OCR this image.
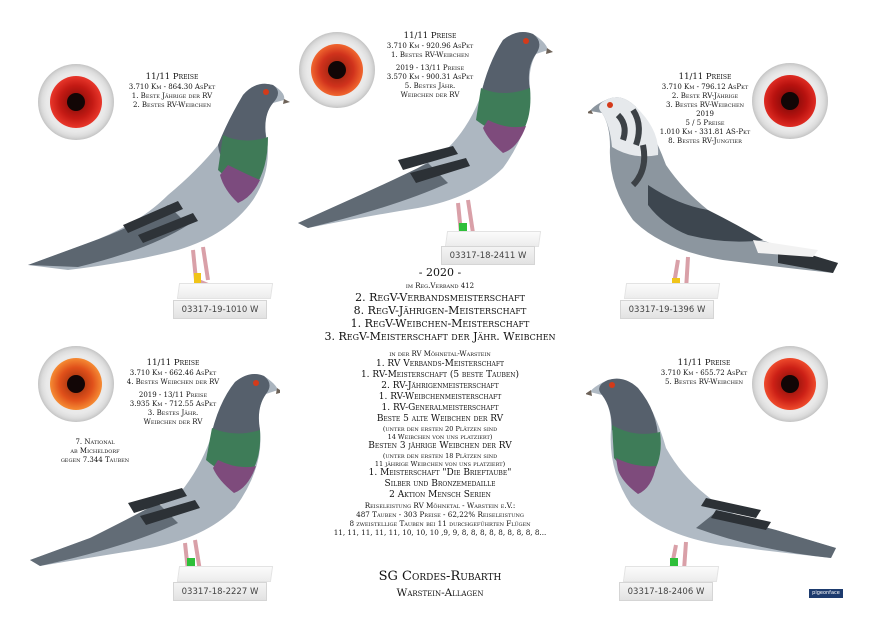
11/11 Preise
3.710 Km - 864.30 AsPkt
1. Beste Jährige der RV
2. Bestes RV-Weibchen
11/11 Preise
3.710 Km - 920.96 AsPkt
1. Bestes RV-Weibchen
2019 - 13/11 Preise
3.570 Km - 900.31 AsPkt
5. Bestes Jähr.
Weibchen der RV
11/11 Preise
3.710 Km - 796.12 AsPkt
2. Beste RV-Jährige
3. Bestes RV-Weibchen
2019
5 / 5 Preise
1.010 Km - 331.81 AS-Pkt
8. Bestes RV-Jungtier
11/11 Preise
3.710 Km - 662.46 AsPkt
4. Bestes Weibchen der RV
2019 - 13/11 Preise
3.935 Km - 712.55 AsPkt
3. Bestes Jähr.
Weibchen der RV
7. National
ab Micheldorf
gegen 7.344 Tauben
11/11 Preise
3.710 Km - 655.72 AsPkt
5. Bestes RV-Weibchen
03317-19-1010 W
03317-18-2411 W
03317-19-1396 W
03317-18-2227 W	03317-18-2406 W
- 2020 -
im Reg.Verband 412
2. RegV-Verbandsmeisterschaft
8. RegV-Jährigen-Meisterschaft
1. RegV-Weibchen-Meisterschaft
3. RegV-Meisterschaft der Jähr. Weibchen
in der RV Möhnetal-Warstein
1. RV Verbands-Meisterschaft
1. RV-Meisterschaft (5 beste Tauben)
2. RV-Jährigenmeisterschaft
1. RV-Weibchenmeisterschaft
1. RV-Generalmeisterschaft
Beste 5 alte Weibchen der RV
(unter den ersten 20 Plätzen sind
14 Weibchen von uns platziert)
Besten 3 jährige Weibchen der RV
(unter den ersten 18 Plätzen sind
11 jährige Weibchen von uns platziert)
1. Meisterschaft "Die Brieftaube"
Silber und Bronzemedaille
2 Aktion Mensch Serien
Reiseleistung RV Möhnetal - Warstein e.V.:
487 Tauben - 303 Preise - 62,22% Reiseleistung
8 zweistellige Tauben bei 11 durchgeführten Flügen
11, 11, 11, 11, 11, 10, 10, 10 ,9, 9, 8, 8, 8, 8, 8, 8, 8, 8, 8...
SG Cordes-Rubarth
Warstein-Allagen	pigeonface
